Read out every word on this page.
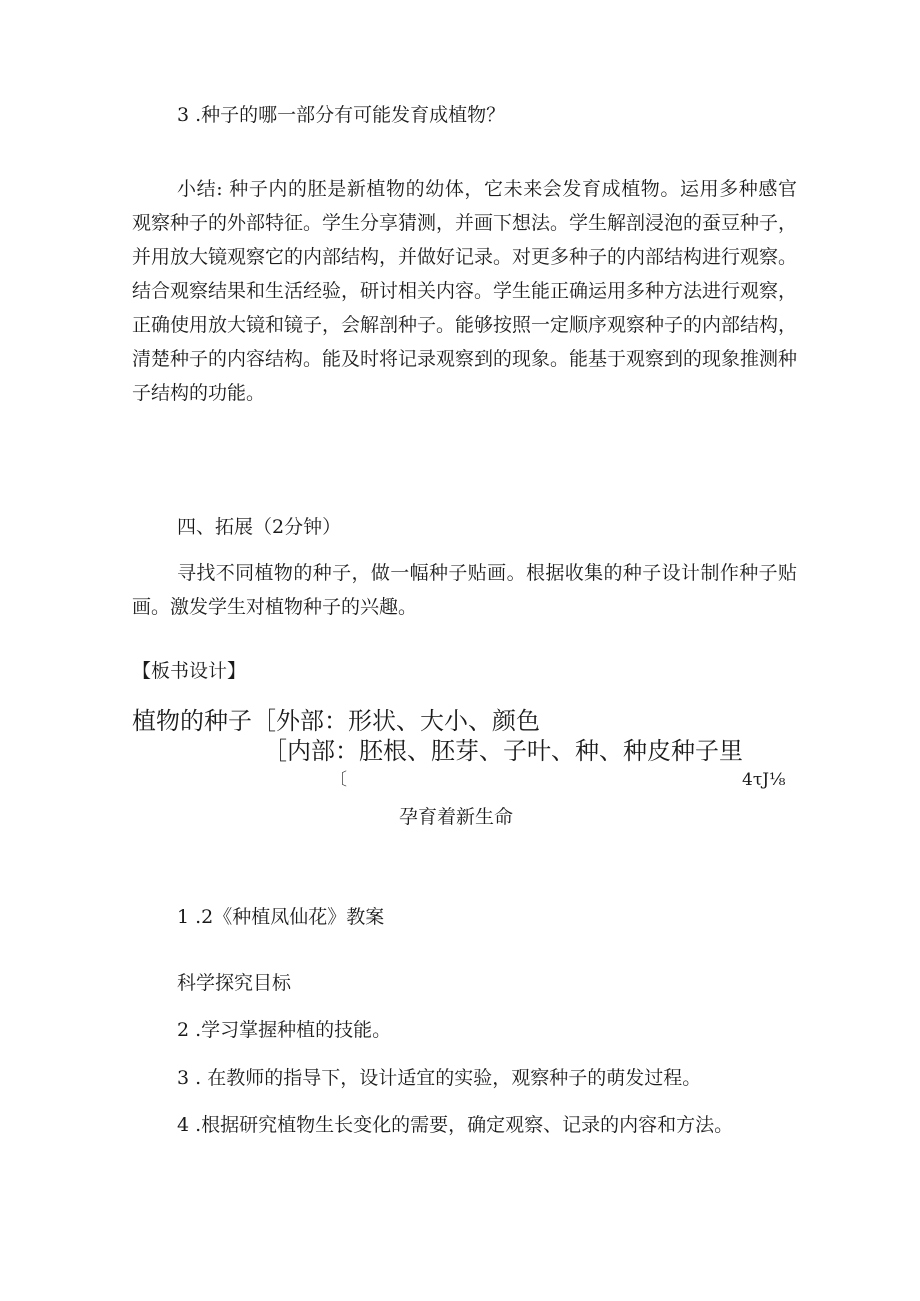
3 .种子的哪一部分有可能发育成植物？

小结: 种子内的胚是新植物的幼体，它未来会发育成植物。运用多种感官观察种子的外部特征。学生分享猜测，并画下想法。学生解剖浸泡的蚕豆种子，并用放大镜观察它的内部结构，并做好记录。对更多种子的内部结构进行观察。结合观察结果和生活经验，研讨相关内容。学生能正确运用多种方法进行观察，正确使用放大镜和镜子，会解剖种子。能够按照一定顺序观察种子的内部结构，清楚种子的内容结构。能及时将记录观察到的现象。能基于观察到的现象推测种子结构的功能。

四、拓展（2分钟）

寻找不同植物的种子，做一幅种子贴画。根据收集的种子设计制作种子贴画。激发学生对植物种子的兴趣。

【板书设计】
植物的种子［外部：形状、大小、颜色
［内部：胚根、胚芽、子叶、种、种皮种子里
〔	4τJ⅛
孕育着新生命
1 .2《种植凤仙花》教案
科学探究目标
2 .学习掌握种植的技能。
3 . 在教师的指导下，设计适宜的实验，观察种子的萌发过程。
4 .根据研究植物生长变化的需要，确定观察、记录的内容和方法。
